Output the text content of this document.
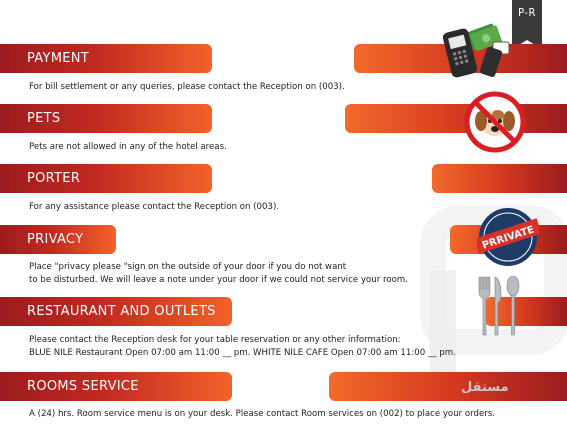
P-R
PAYMENT
For bill settlement or any queries, please contact the Reception on (003).
PETS
Pets are not allowed in any of the hotel areas.
PORTER
For any assistance please contact the Reception on (003).
PRIVACY
Place "privacy please "sign on the outside of your door if you do not want
to be disturbed. We will leave a note under your door if we could not service your room.
RESTAURANT AND OUTLETS
Please contact the Reception desk for your table reservation or any other information:
BLUE NILE Restaurant Open 07:00 am 11:00 __ pm. WHITE NILE CAFE Open 07:00 am 11:00 __ pm.
ROOMS SERVICE
A (24) hrs. Room service menu is on your desk. Please contact Room services on (002) to place your orders.
مستقل
PRRIVATE
